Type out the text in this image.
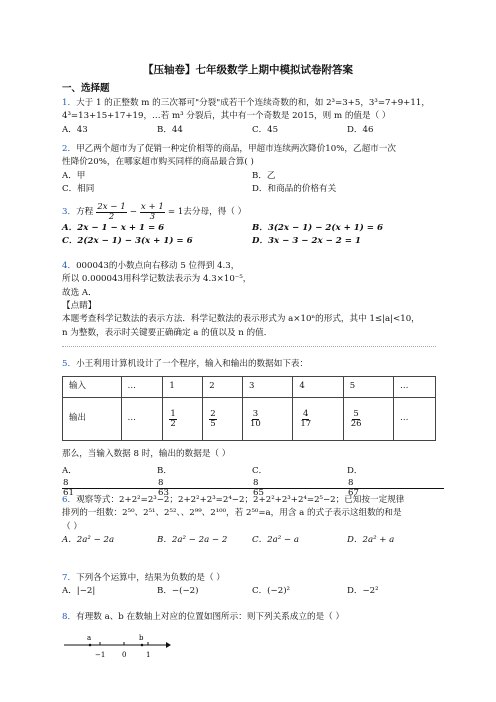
【压轴卷】七年级数学上期中模拟试卷附答案
一、选择题
1．大于 1 的正整数 m 的三次幂可"分裂"成若干个连续奇数的和，如 2³=3+5，3³=7+9+11，
4³=13+15+17+19，…若 m³ 分裂后，其中有一个奇数是 2015，则 m 的值是（ ）
A．43	B．44	C．45	D．46
2．甲乙两个超市为了促销一种定价相等的商品，甲超市连续两次降价10%，乙超市一次
性降价20%，在哪家超市购买同样的商品最合算( )
A．甲	B．乙
C．相同	D．和商品的价格有关
3． 方程 $\frac{2x - 1}{2} - \frac{x + 1}{3} = 1$去分母，得（ ）
A．2x − 1 − x + 1 = 6	B．3(2x − 1) − 2(x + 1) = 6
C．2(2x − 1) − 3(x + 1) = 6	D．3x − 3 − 2x − 2 = 1
4．000043的小数点向右移动 5 位得到 4.3，
所以 0.000043用科学记数法表示为 4.3×10⁻⁵，
故选 A．
【点睛】
本题考查科学记数法的表示方法．科学记数法的表示形式为 a×10ⁿ的形式，其中 1≤|a|<10，
n 为整数，表示时关键要正确确定 a 的值以及 n 的值．
5．小王利用计算机设计了一个程序，输入和输出的数据如下表：
输入	…	1	2	3	4	5	…
输出	…	$\frac{1}{2}$	$\frac{2}{5}$	$\frac{3}{10}$	$\frac{4}{17}$	$\frac{5}{26}$	…
那么，当输入数据 8 时，输出的数据是（ ）
A．$\frac{8}{61}$
B．$\frac{8}{63}$
C．$\frac{8}{65}$
D．$\frac{8}{67}$
6．观察等式：2+2²=2³−2；2+2²+2³=2⁴−2；2+2²+2³+2⁴=2⁵−2；已知按一定规律
排列的一组数：2⁵⁰、2⁵¹、2⁵²、、2⁹⁹、2¹⁰⁰，若 2⁵⁰=a，用含 a 的式子表示这组数的和是
（ ）
A．2a² − 2a	B．2a² − 2a − 2	C．2a² − a	D．2a² + a
7．下列各个运算中，结果为负数的是（ ）
A．|−2|	B．−(−2)	C．(−2)²	D．−2²
8．有理数 a、b 在数轴上对应的位置如图所示：则下列关系成立的是（ ）
a	b
−1 0	1
